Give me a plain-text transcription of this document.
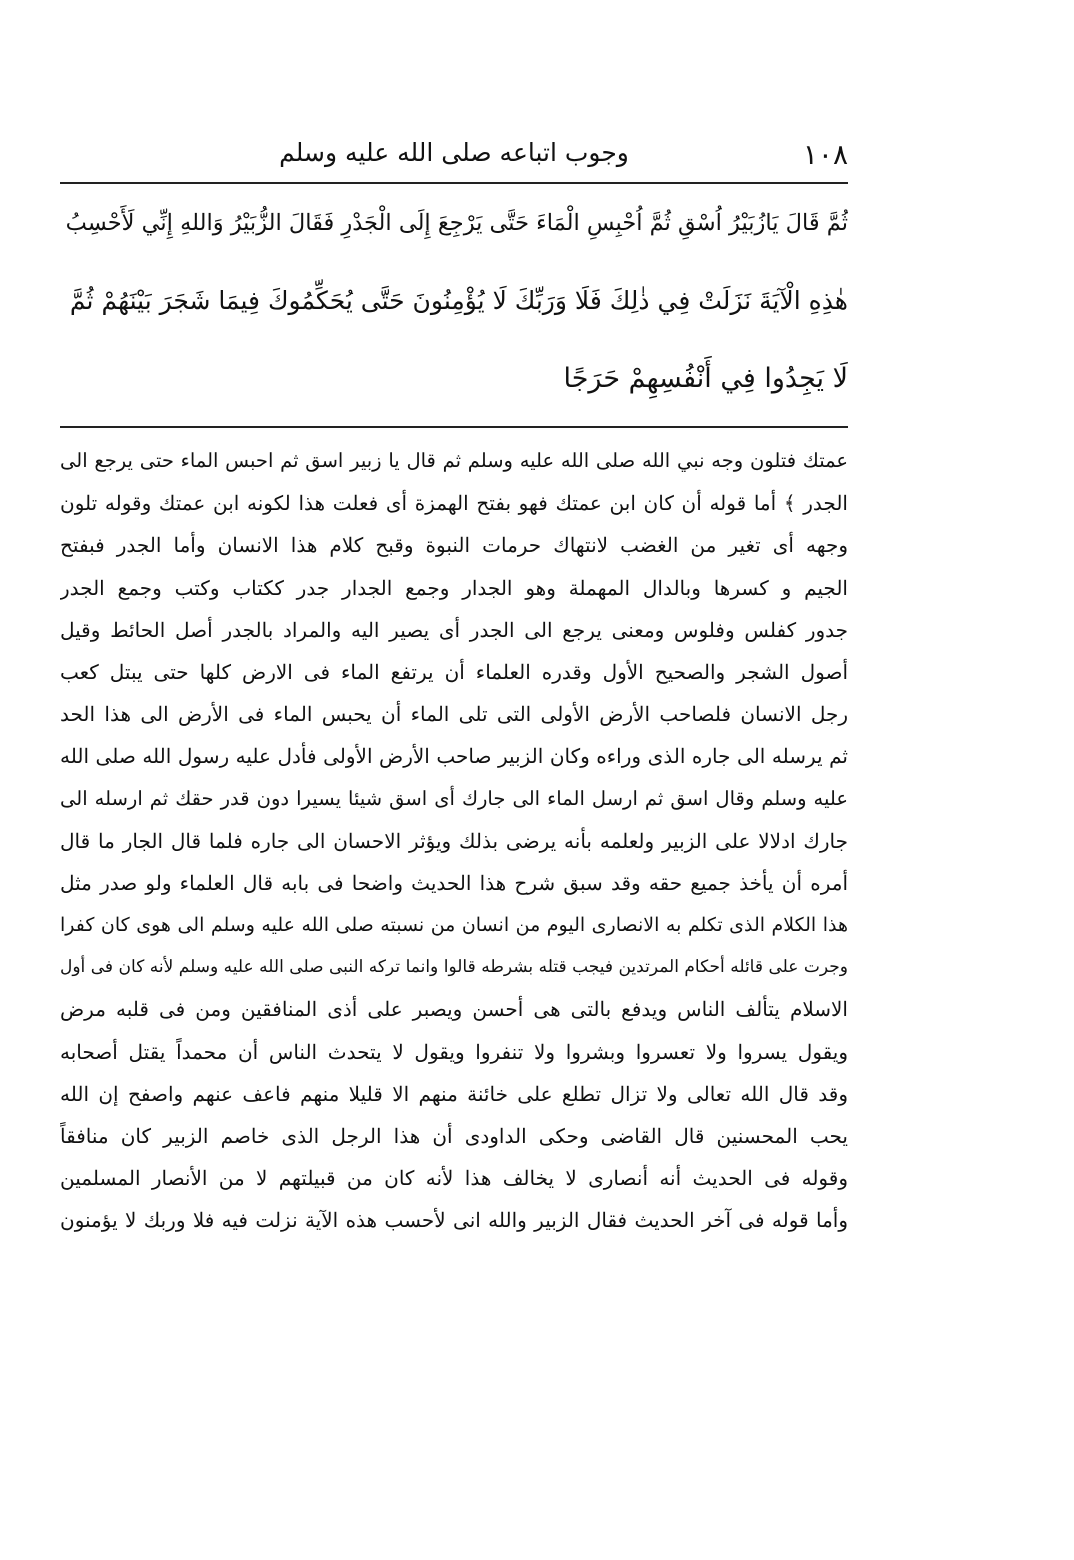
١٠٨
وجوب اتباعه صلى الله عليه وسلم
ثُمَّ قَالَ يَازُبَيْرُ اُسْقِ ثُمَّ اُحْبِسِ الْمَاءَ حَتَّى يَرْجِعَ إِلَى الْجَدْرِ فَقَالَ الزُّبَيْرُ وَاللهِ إِنِّي لَأَحْسِبُ
هٰذِهِ الْآيَةَ نَزَلَتْ فِي ذٰلِكَ فَلَا وَرَبِّكَ لَا يُؤْمِنُونَ حَتَّى يُحَكِّمُوكَ فِيمَا شَجَرَ بَيْنَهُمْ ثُمَّ
لَا يَجِدُوا فِي أَنْفُسِهِمْ حَرَجًا
عمتك فتلون وجه نبي الله صلى الله عليه وسلم ثم قال يا زبير اسق ثم احبس الماء حتى يرجع الى
الجدر ﴾ أما قوله أن كان ابن عمتك فهو بفتح الهمزة أى فعلت هذا لكونه ابن عمتك وقوله تلون
وجهه أى تغير من الغضب لانتهاك حرمات النبوة وقبح كلام هذا الانسان وأما الجدر فبفتح
الجيم و كسرها وبالدال المهملة وهو الجدار وجمع الجدار جدر ككتاب وكتب وجمع الجدر
جدور كفلس وفلوس ومعنى يرجع الى الجدر أى يصير اليه والمراد بالجدر أصل الحائط وقيل
أصول الشجر والصحيح الأول وقدره العلماء أن يرتفع الماء فى الارض كلها حتى يبتل كعب
رجل الانسان فلصاحب الأرض الأولى التى تلى الماء أن يحبس الماء فى الأرض الى هذا الحد
ثم يرسله الى جاره الذى وراءه وكان الزبير صاحب الأرض الأولى فأدل عليه رسول الله صلى الله
عليه وسلم وقال اسق ثم ارسل الماء الى جارك أى اسق شيئا يسيرا دون قدر حقك ثم ارسله الى
جارك ادلالا على الزبير ولعلمه بأنه يرضى بذلك ويؤثر الاحسان الى جاره فلما قال الجار ما قال
أمره أن يأخذ جميع حقه وقد سبق شرح هذا الحديث واضحا فى بابه قال العلماء ولو صدر مثل
هذا الكلام الذى تكلم به الانصارى اليوم من انسان من نسبته صلى الله عليه وسلم الى هوى كان كفرا
وجرت على قائله أحكام المرتدين فيجب قتله بشرطه قالوا وانما تركه النبى صلى الله عليه وسلم لأنه كان فى أول
الاسلام يتألف الناس ويدفع بالتى هى أحسن ويصبر على أذى المنافقين ومن فى قلبه مرض
ويقول يسروا ولا تعسروا وبشروا ولا تنفروا ويقول لا يتحدث الناس أن محمداً يقتل أصحابه
وقد قال الله تعالى ولا تزال تطلع على خائنة منهم الا قليلا منهم فاعف عنهم واصفح إن الله
يحب المحسنين قال القاضى وحكى الداودى أن هذا الرجل الذى خاصم الزبير كان منافقاً
وقوله فى الحديث أنه أنصارى لا يخالف هذا لأنه كان من قبيلتهم لا من الأنصار المسلمين
وأما قوله فى آخر الحديث فقال الزبير والله انى لأحسب هذه الآية نزلت فيه فلا وربك لا يؤمنون
